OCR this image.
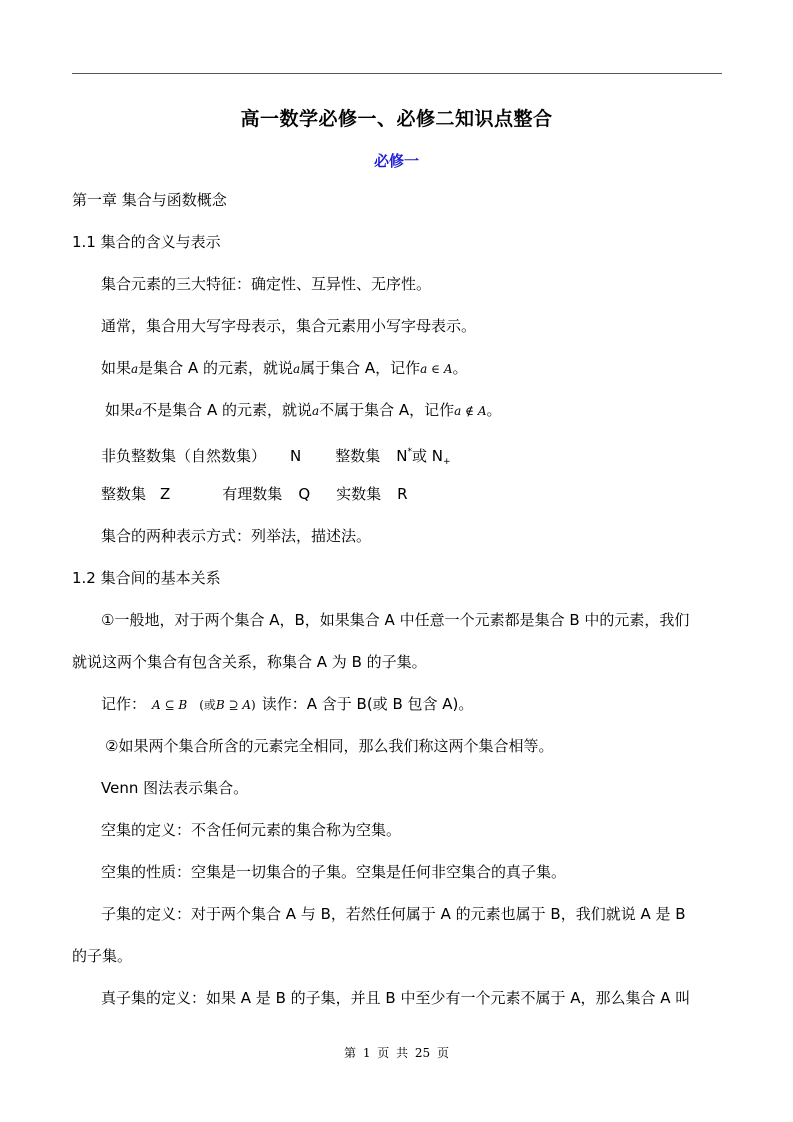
高一数学必修一、必修二知识点整合
必修一
第一章 集合与函数概念
1.1 集合的含义与表示
集合元素的三大特征：确定性、互异性、无序性。
通常，集合用大写字母表示，集合元素用小写字母表示。
如果a是集合 A 的元素，就说a属于集合 A，记作a ∈ A。
如果a不是集合 A 的元素，就说a不属于集合 A，记作a ∉ A。
非负整数集（自然数集） N 整数集 N*或 $N_+$
整数集 Z	有理数集 Q 实数集 R
集合的两种表示方式：列举法，描述法。
1.2 集合间的基本关系
①一般地，对于两个集合 A，B，如果集合 A 中任意一个元素都是集合 B 中的元素，我们
就说这两个集合有包含关系，称集合 A 为 B 的子集。
记作： A ⊆ B (或B ⊇ A) 读作：A 含于 B(或 B 包含 A)。
②如果两个集合所含的元素完全相同，那么我们称这两个集合相等。
Venn 图法表示集合。
空集的定义：不含任何元素的集合称为空集。
空集的性质：空集是一切集合的子集。空集是任何非空集合的真子集。
子集的定义：对于两个集合 A 与 B，若然任何属于 A 的元素也属于 B，我们就说 A 是 B
的子集。
真子集的定义：如果 A 是 B 的子集，并且 B 中至少有一个元素不属于 A，那么集合 A 叫
第 1 页 共 25 页
